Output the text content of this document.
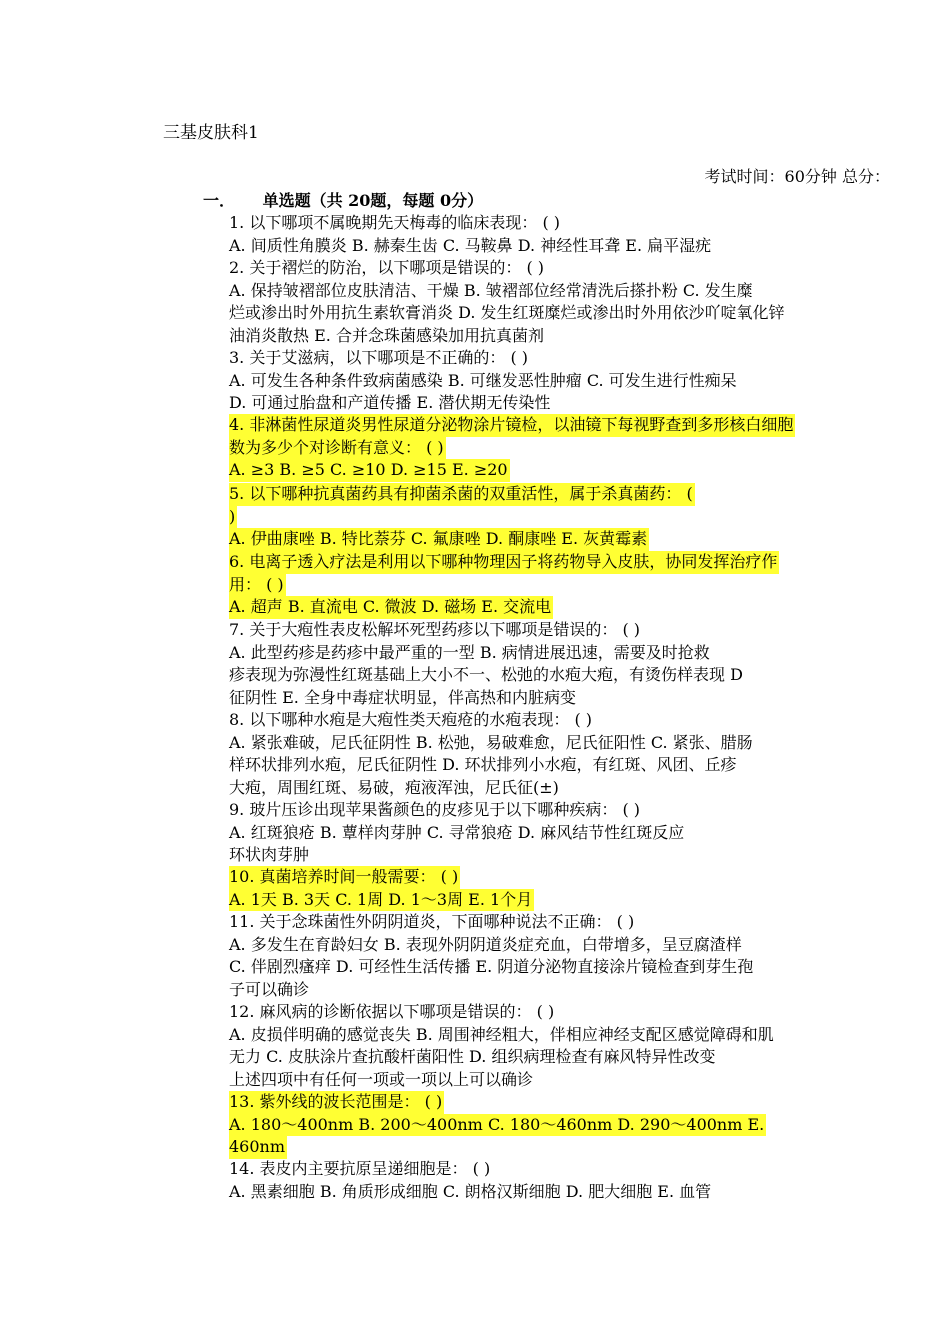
三基皮肤科1
考试时间：60分钟 总分：
一． 单选题（共 20题，每题 0分）
1. 以下哪项不属晚期先天梅毒的临床表现： ( )
A. 间质性角膜炎 B. 赫秦生齿 C. 马鞍鼻 D. 神经性耳聋 E. 扁平湿疣
2. 关于褶烂的防治，以下哪项是错误的： ( )
A. 保持皱褶部位皮肤清洁、干燥 B. 皱褶部位经常清洗后搽扑粉 C. 发生糜
烂或渗出时外用抗生素软膏消炎 D. 发生红斑糜烂或渗出时外用依沙吖啶氧化锌
油消炎散热 E. 合并念珠菌感染加用抗真菌剂
3. 关于艾滋病，以下哪项是不正确的： ( )
A. 可发生各种条件致病菌感染 B. 可继发恶性肿瘤 C. 可发生进行性痴呆
D. 可通过胎盘和产道传播 E. 潜伏期无传染性
4. 非淋菌性尿道炎男性尿道分泌物涂片镜检，以油镜下每视野查到多形核白细胞
数为多少个对诊断有意义： ( )
A. ≥3 B. ≥5 C. ≥10 D. ≥15 E. ≥20
5. 以下哪种抗真菌药具有抑菌杀菌的双重活性，属于杀真菌药： (
)
A. 伊曲康唑 B. 特比萘芬 C. 氟康唑 D. 酮康唑 E. 灰黄霉素
6. 电离子透入疗法是利用以下哪种物理因子将药物导入皮肤，协同发挥治疗作
用： ( )
A. 超声 B. 直流电 C. 微波 D. 磁场 E. 交流电
7. 关于大疱性表皮松解坏死型药疹以下哪项是错误的： ( )
A. 此型药疹是药疹中最严重的一型 B. 病情进展迅速，需要及时抢救
疹表现为弥漫性红斑基础上大小不一、松弛的水疱大疱，有烫伤样表现 D
征阴性 E. 全身中毒症状明显，伴高热和内脏病变
8. 以下哪种水疱是大疱性类天疱疮的水疱表现： ( )
A. 紧张难破，尼氏征阴性 B. 松弛，易破难愈，尼氏征阳性 C. 紧张、腊肠
样环状排列水疱，尼氏征阴性 D. 环状排列小水疱，有红斑、风团、丘疹
大疱，周围红斑、易破，疱液浑浊，尼氏征(±)
9. 玻片压诊出现苹果酱颜色的皮疹见于以下哪种疾病： ( )
A. 红斑狼疮 B. 蕈样肉芽肿 C. 寻常狼疮 D. 麻风结节性红斑反应
环状肉芽肿
10. 真菌培养时间一般需要： ( )
A. 1天 B. 3天 C. 1周 D. 1～3周 E. 1个月
11. 关于念珠菌性外阴阴道炎，下面哪种说法不正确： ( )
A. 多发生在育龄妇女 B. 表现外阴阴道炎症充血，白带增多，呈豆腐渣样
C. 伴剧烈瘙痒 D. 可经性生活传播 E. 阴道分泌物直接涂片镜检查到芽生孢
子可以确诊
12. 麻风病的诊断依据以下哪项是错误的： ( )
A. 皮损伴明确的感觉丧失 B. 周围神经粗大，伴相应神经支配区感觉障碍和肌
无力 C. 皮肤涂片查抗酸杆菌阳性 D. 组织病理检查有麻风特异性改变
上述四项中有任何一项或一项以上可以确诊
13. 紫外线的波长范围是： ( )
A. 180～400nm B. 200～400nm C. 180～460nm D. 290～400nm E.
460nm
14. 表皮内主要抗原呈递细胞是： ( )
A. 黑素细胞 B. 角质形成细胞 C. 朗格汉斯细胞 D. 肥大细胞 E. 血管
